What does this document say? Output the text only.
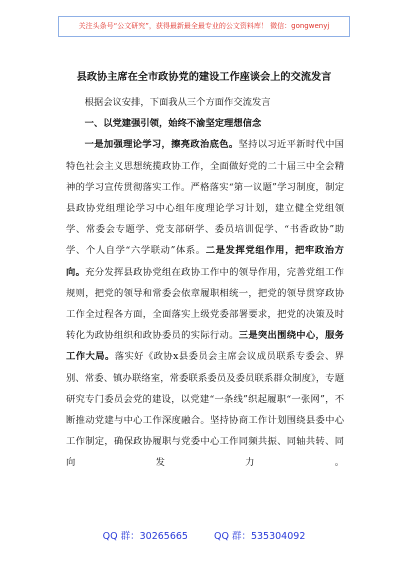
关注头条号“公文研究”，获得最新最全最专业的公文资料库！ 微信：gongwenyj
县政协主席在全市政协党的建设工作座谈会上的交流发言

根据会议安排，下面我从三个方面作交流发言

一、以党建强引领，始终不渝坚定理想信念

一是加强理论学习，擦亮政治底色。坚持以习近平新时代中国特色社会主义思想统揽政协工作，全面做好党的二十届三中全会精神的学习宣传贯彻落实工作。严格落实“第一议题”学习制度，制定县政协党组理论学习中心组年度理论学习计划，建立健全党组领学、常委会专题学、党支部研学、委员培训促学、“书香政协”助学、个人自学“六学联动”体系。二是发挥党组作用，把牢政治方向。充分发挥县政协党组在政协工作中的领导作用，完善党组工作规则，把党的领导和常委会依章履职相统一，把党的领导贯穿政协工作全过程各方面，全面落实上级党委部署要求，把党的决策及时转化为政协组织和政协委员的实际行动。三是突出围绕中心，服务工作大局。落实好《政协x县委员会主席会议成员联系专委会、界别、常委、镇办联络室，常委联系委员及委员联系群众制度》，专题研究专门委员会党的建设，以党建“一条线”织起履职“一张网”，不断推动党建与中心工作深度融合。坚持协商工作计划围绕县委中心工作制定，确保政协履职与党委中心工作同频共振、同轴共转、同向发力。

QQ 群：30265665	QQ 群：535304092
